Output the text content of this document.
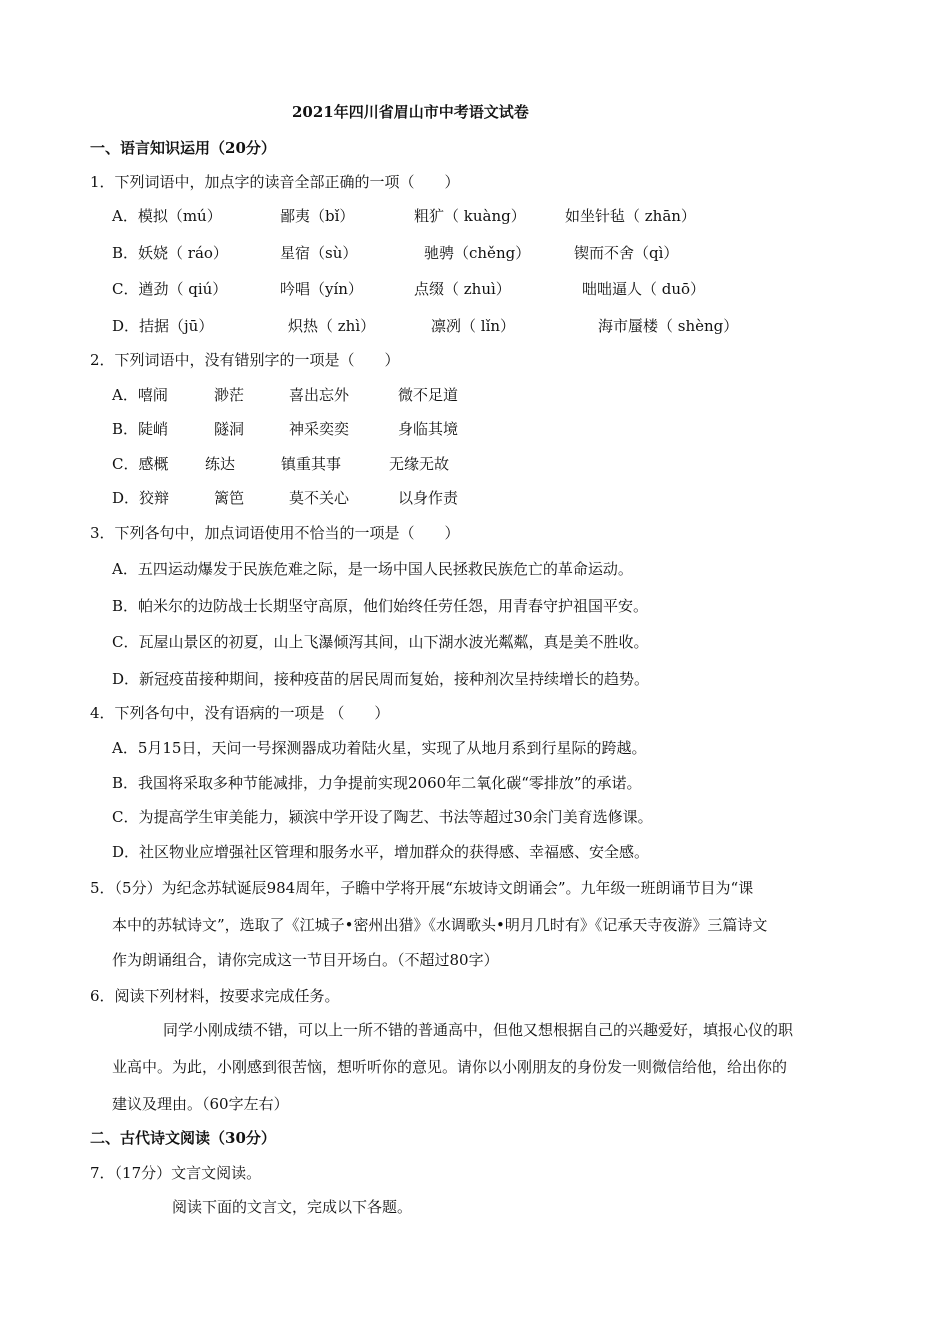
2021年四川省眉山市中考语文试卷
一、语言知识运用（20分）
1．下列词语中，加点字的读音全部正确的一项（　　）
A．模拟（mú）	鄙夷（bǐ）	粗犷（ kuàng）	如坐针毡（ zhān）
B．妖娆（ ráo）	星宿（sù）	驰骋（chěng）	锲而不舍（qì）
C．遒劲（ qiú）	吟唱（yín）	点缀（ zhuì）	咄咄逼人（ duō）
D．拮据（jū）	炽热（ zhì）	凛冽（ lǐn）	海市蜃楼（ shèng）
2．下列词语中，没有错别字的一项是（　　）
A．嘻闹	渺茫	喜出忘外	微不足道
B．陡峭	隧洞	神采奕奕	身临其境
C．感概 练达	镇重其事	无缘无故
D．狡辩	篱笆	莫不关心	以身作责
3．下列各句中，加点词语使用不恰当的一项是（　　）
A．五四运动爆发于民族危难之际，是一场中国人民拯救民族危亡的革命运动。
B．帕米尔的边防战士长期坚守高原，他们始终任劳任怨，用青春守护祖国平安。
C．瓦屋山景区的初夏，山上飞瀑倾泻其间，山下湖水波光粼粼，真是美不胜收。
D．新冠疫苗接种期间，接种疫苗的居民周而复始，接种剂次呈持续增长的趋势。
4．下列各句中，没有语病的一项是 （　　）
A．5月15日，天问一号探测器成功着陆火星，实现了从地月系到行星际的跨越。
B．我国将采取多种节能减排，力争提前实现2060年二氧化碳“零排放”的承诺。
C．为提高学生审美能力，颍滨中学开设了陶艺、书法等超过30余门美育选修课。
D．社区物业应增强社区管理和服务水平，增加群众的获得感、幸福感、安全感。
5．（5分）为纪念苏轼诞辰984周年，子瞻中学将开展“东坡诗文朗诵会”。九年级一班朗诵节目为“课
本中的苏轼诗文”，选取了《江城子•密州出猎》《水调歌头•明月几时有》《记承天寺夜游》三篇诗文
作为朗诵组合，请你完成这一节目开场白。（不超过80字）
6．阅读下列材料，按要求完成任务。
同学小刚成绩不错，可以上一所不错的普通高中，但他又想根据自己的兴趣爱好，填报心仪的职
业高中。为此，小刚感到很苦恼，想听听你的意见。请你以小刚朋友的身份发一则微信给他，给出你的
建议及理由。（60字左右）
二、古代诗文阅读（30分）
7．（17分）文言文阅读。
阅读下面的文言文，完成以下各题。
